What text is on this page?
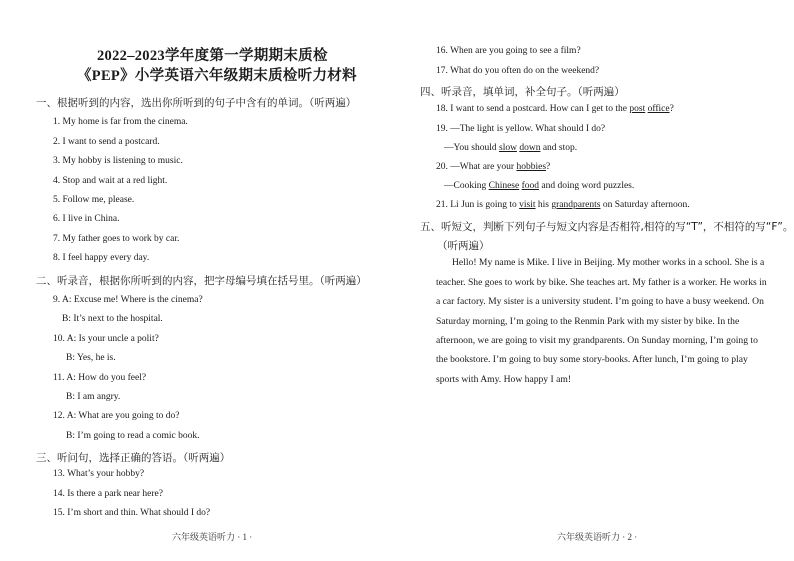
2022–2023学年度第一学期期末质检
《PEP》小学英语六年级期末质检听力材料
一、根据听到的内容，选出你所听到的句子中含有的单词。（听两遍）
1. My home is far from the cinema.
2. I want to send a postcard.
3. My hobby is listening to music.
4. Stop and wait at a red light.
5. Follow me, please.
6. I live in China.
7. My father goes to work by car.
8. I feel happy every day.
二、听录音，根据你所听到的内容，把字母编号填在括号里。（听两遍）
9. A: Excuse me! Where is the cinema?
B: It’s next to the hospital.
10. A: Is your uncle a polit?
B: Yes, he is.
11. A: How do you feel?
B: I am angry.
12. A: What are you going to do?
B: I’m going to read a comic book.
三、听问句，选择正确的答语。（听两遍）
13. What’s your hobby?
14. Is there a park near here?
15. I’m short and thin. What should I do?
六年级英语听力 · 1 ·
16. When are you going to see a film?
17. What do you often do on the weekend?
四、听录音，填单词，补全句子。（听两遍）
18. I want to send a postcard. How can I get to the post office?
19. —The light is yellow. What should I do?
—You should slow down and stop.
20. —What are your hobbies?
—Cooking Chinese food and doing word puzzles.
21. Li Jun is going to visit his grandparents on Saturday afternoon.
五、听短文，判断下列句子与短文内容是否相符,相符的写“T”，不相符的写“F”。
（听两遍）
Hello! My name is Mike. I live in Beijing. My mother works in a school. She is a
teacher. She goes to work by bike. She teaches art. My father is a worker. He works in
a car factory. My sister is a university student. I’m going to have a busy weekend. On
Saturday morning, I’m going to the Renmin Park with my sister by bike. In the
afternoon, we are going to visit my grandparents. On Sunday morning, I’m going to
the bookstore. I’m going to buy some story-books. After lunch, I’m going to play
sports with Amy. How happy I am!
六年级英语听力 · 2 ·
